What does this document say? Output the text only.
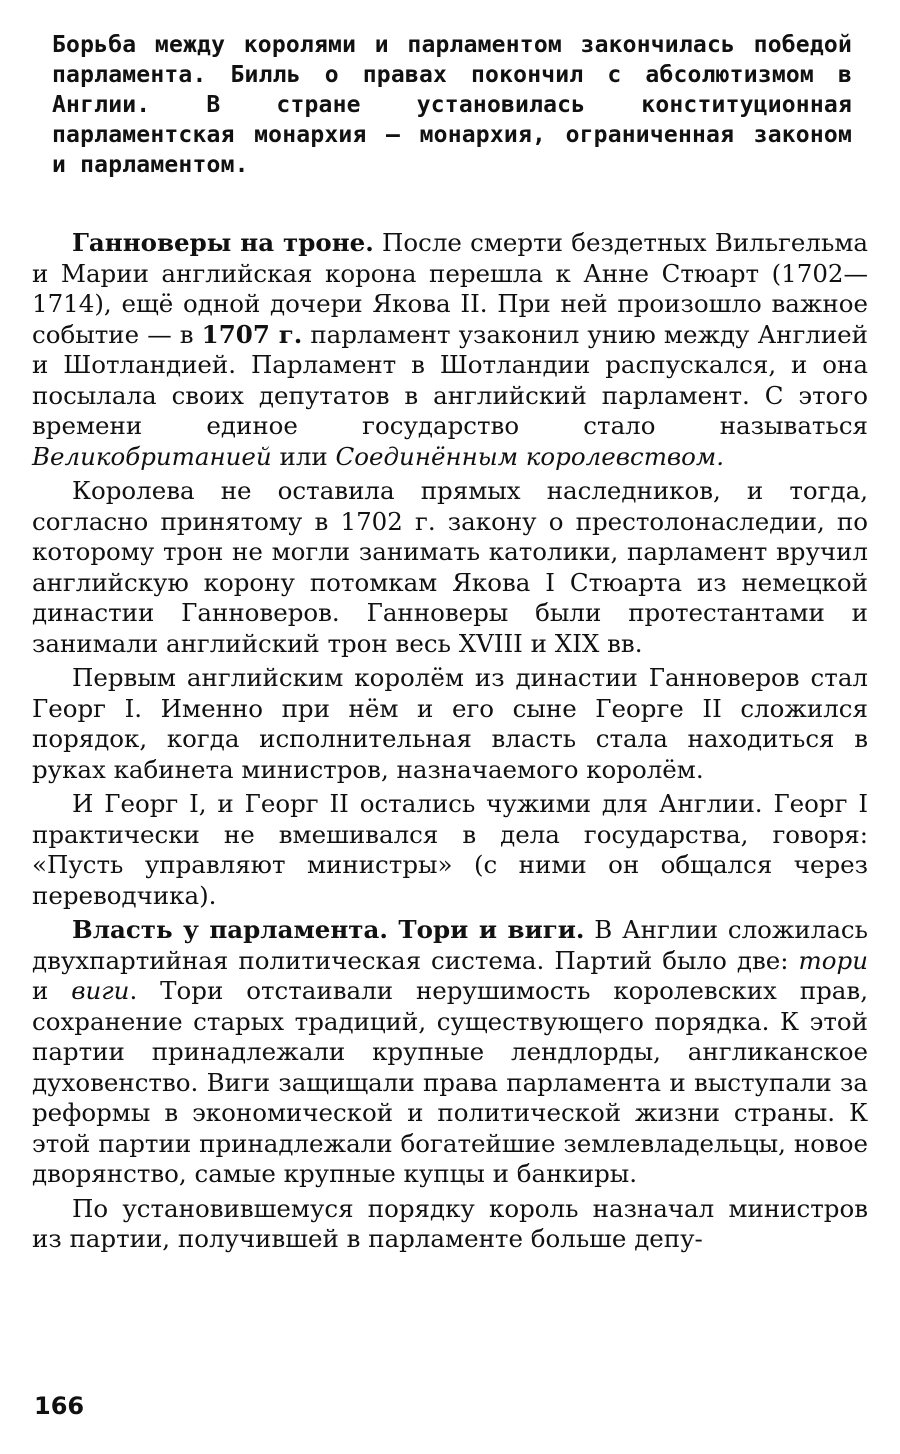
Борьба между королями и парламентом закончилась победой парламента. Билль о правах покончил с абсолютизмом в Англии. В стране установилась конституционная парламентская монархия — монархия, ограниченная законом и парламентом.

Ганноверы на троне. После смерти бездетных Вильгельма и Марии английская корона перешла к Анне Стюарт (1702—1714), ещё одной дочери Якова II. При ней произошло важное событие — в 1707 г. парламент узаконил унию между Англией и Шотландией. Парламент в Шотландии распускался, и она посылала своих депутатов в английский парламент. С этого времени единое государство стало называться Великобританией или Соединённым королевством.

Королева не оставила прямых наследников, и тогда, согласно принятому в 1702 г. закону о престолонаследии, по которому трон не могли занимать католики, парламент вручил английскую корону потомкам Якова I Стюарта из немецкой династии Ганноверов. Ганноверы были протестантами и занимали английский трон весь XVIII и XIX вв.

Первым английским королём из династии Ганноверов стал Георг I. Именно при нём и его сыне Георге II сложился порядок, когда исполнительная власть стала находиться в руках кабинета министров, назначаемого королём.

И Георг I, и Георг II остались чужими для Англии. Георг I практически не вмешивался в дела государства, говоря: «Пусть управляют министры» (с ними он общался через переводчика).

Власть у парламента. Тори и виги. В Англии сложилась двухпартийная политическая система. Партий было две: тори и виги. Тори отстаивали нерушимость королевских прав, сохранение старых традиций, существующего порядка. К этой партии принадлежали крупные лендлорды, англиканское духовенство. Виги защищали права парламента и выступали за реформы в экономической и политической жизни страны. К этой партии принадлежали богатейшие землевладельцы, новое дворянство, самые крупные купцы и банкиры.

По установившемуся порядку король назначал министров из партии, получившей в парламенте больше депу-

166
